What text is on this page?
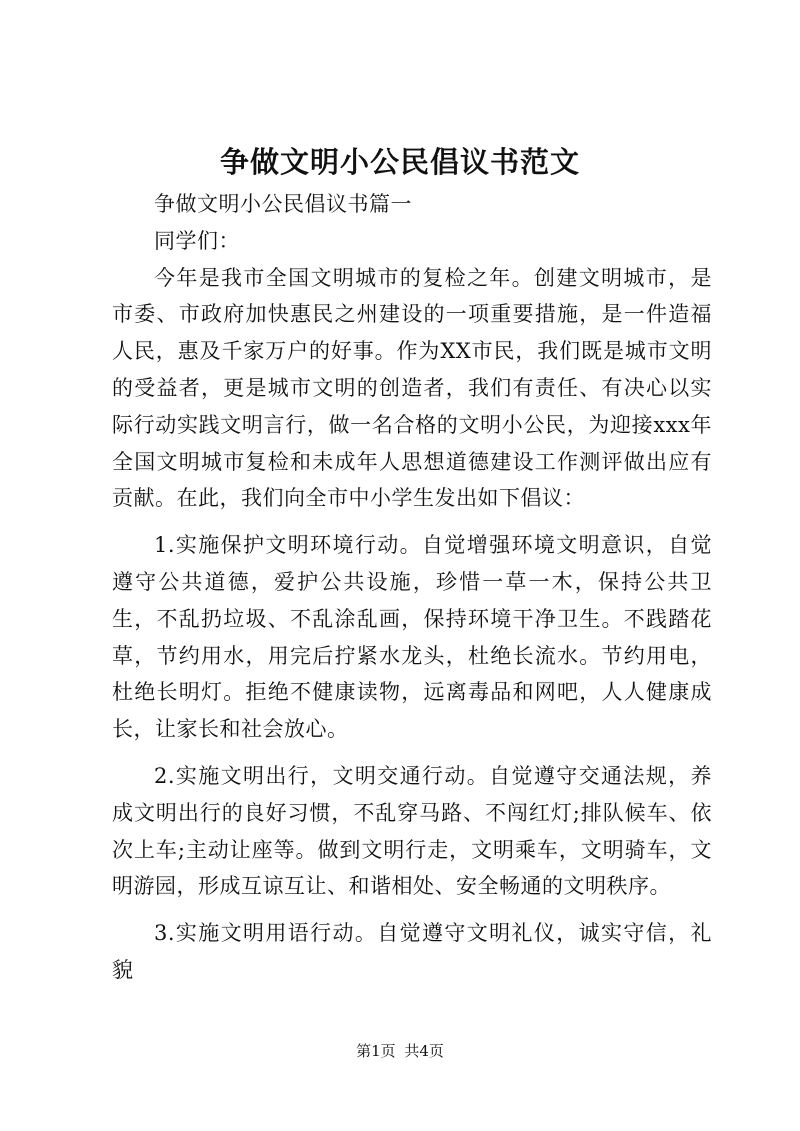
争做文明小公民倡议书范文

争做文明小公民倡议书篇一

同学们：

今年是我市全国文明城市的复检之年。创建文明城市，是市委、市政府加快惠民之州建设的一项重要措施，是一件造福人民，惠及千家万户的好事。作为XX市民，我们既是城市文明的受益者，更是城市文明的创造者，我们有责任、有决心以实际行动实践文明言行，做一名合格的文明小公民，为迎接xxx年全国文明城市复检和未成年人思想道德建设工作测评做出应有贡献。在此，我们向全市中小学生发出如下倡议：

1.实施保护文明环境行动。自觉增强环境文明意识，自觉遵守公共道德，爱护公共设施，珍惜一草一木，保持公共卫生，不乱扔垃圾、不乱涂乱画，保持环境干净卫生。不践踏花草，节约用水，用完后拧紧水龙头，杜绝长流水。节约用电，杜绝长明灯。拒绝不健康读物，远离毒品和网吧，人人健康成长，让家长和社会放心。

2.实施文明出行，文明交通行动。自觉遵守交通法规，养成文明出行的良好习惯，不乱穿马路、不闯红灯;排队候车、依次上车;主动让座等。做到文明行走，文明乘车，文明骑车，文明游园，形成互谅互让、和谐相处、安全畅通的文明秩序。

3.实施文明用语行动。自觉遵守文明礼仪，诚实守信，礼貌

第1页 共4页
